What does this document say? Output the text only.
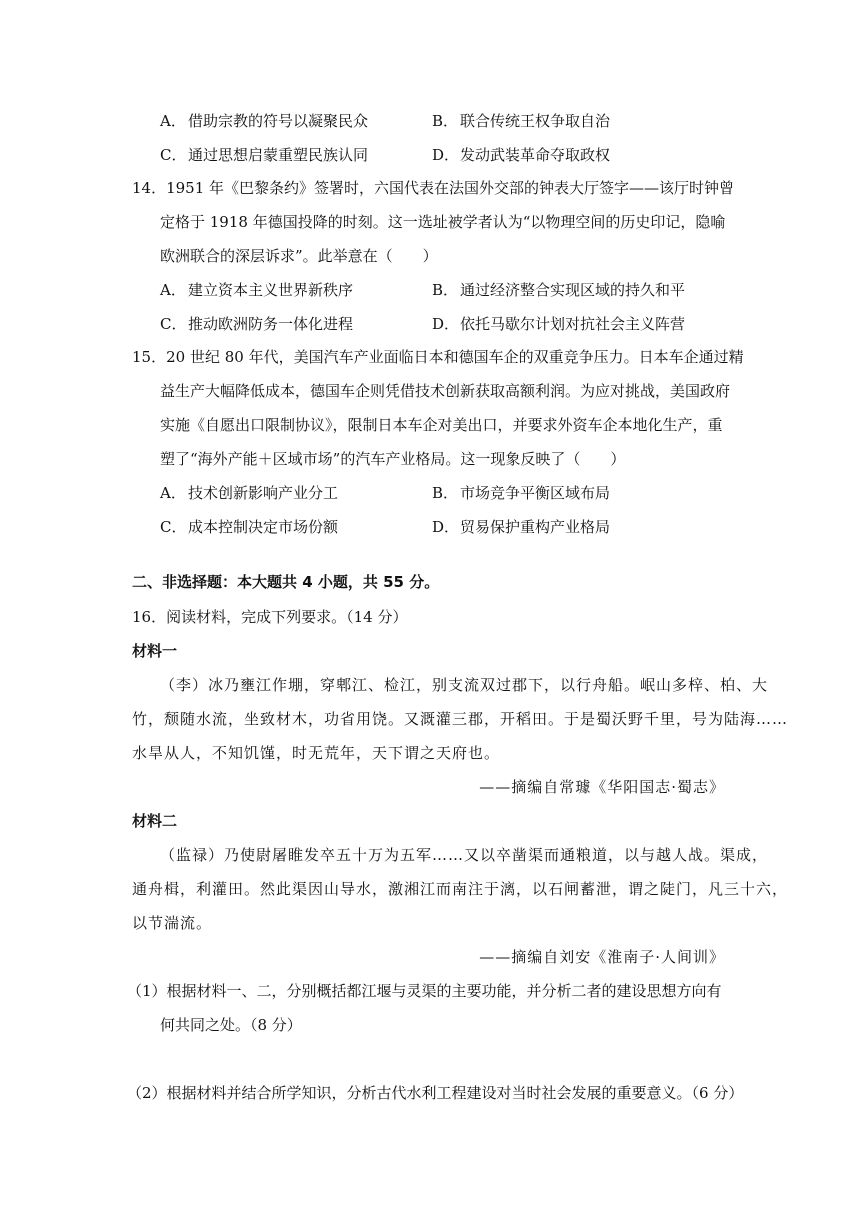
A． 借助宗教的符号以凝聚民众	B． 联合传统王权争取自治
C． 通过思想启蒙重塑民族认同	D．发动武装革命夺取政权
14．1951 年《巴黎条约》签署时，六国代表在法国外交部的钟表大厅签字——该厅时钟曾
定格于 1918 年德国投降的时刻。这一选址被学者认为“以物理空间的历史印记，隐喻
欧洲联合的深层诉求”。此举意在（　　）
A． 建立资本主义世界新秩序	B． 通过经济整合实现区域的持久和平
C． 推动欧洲防务一体化进程	D．依托马歇尔计划对抗社会主义阵营
15．20 世纪 80 年代，美国汽车产业面临日本和德国车企的双重竞争压力。日本车企通过精
益生产大幅降低成本，德国车企则凭借技术创新获取高额利润。为应对挑战，美国政府
实施《自愿出口限制协议》，限制日本车企对美出口，并要求外资车企本地化生产，重
塑了“海外产能＋区域市场”的汽车产业格局。这一现象反映了（　　）
A． 技术创新影响产业分工	B． 市场竞争平衡区域布局
C． 成本控制决定市场份额	D．贸易保护重构产业格局
二、非选择题：本大题共 4 小题，共 55 分。
16．阅读材料，完成下列要求。（14 分）
材料一
（李）冰乃壅江作堋，穿郫江、检江，别支流双过郡下，以行舟船。岷山多梓、柏、大
竹，颓随水流，坐致材木，功省用饶。又溉灌三郡，开稻田。于是蜀沃野千里，号为陆海……
水旱从人，不知饥馑，时无荒年，天下谓之天府也。
——摘编自常璩《华阳国志·蜀志》
材料二
（监禄）乃使尉屠睢发卒五十万为五军……又以卒凿渠而通粮道，以与越人战。渠成，
通舟楫，利灌田。然此渠因山导水，激湘江而南注于漓，以石闸蓄泄，谓之陡门，凡三十六，
以节湍流。
——摘编自刘安《淮南子·人间训》
（1）根据材料一、二，分别概括都江堰与灵渠的主要功能，并分析二者的建设思想方向有
何共同之处。（8 分）
（2）根据材料并结合所学知识，分析古代水利工程建设对当时社会发展的重要意义。（6 分）
